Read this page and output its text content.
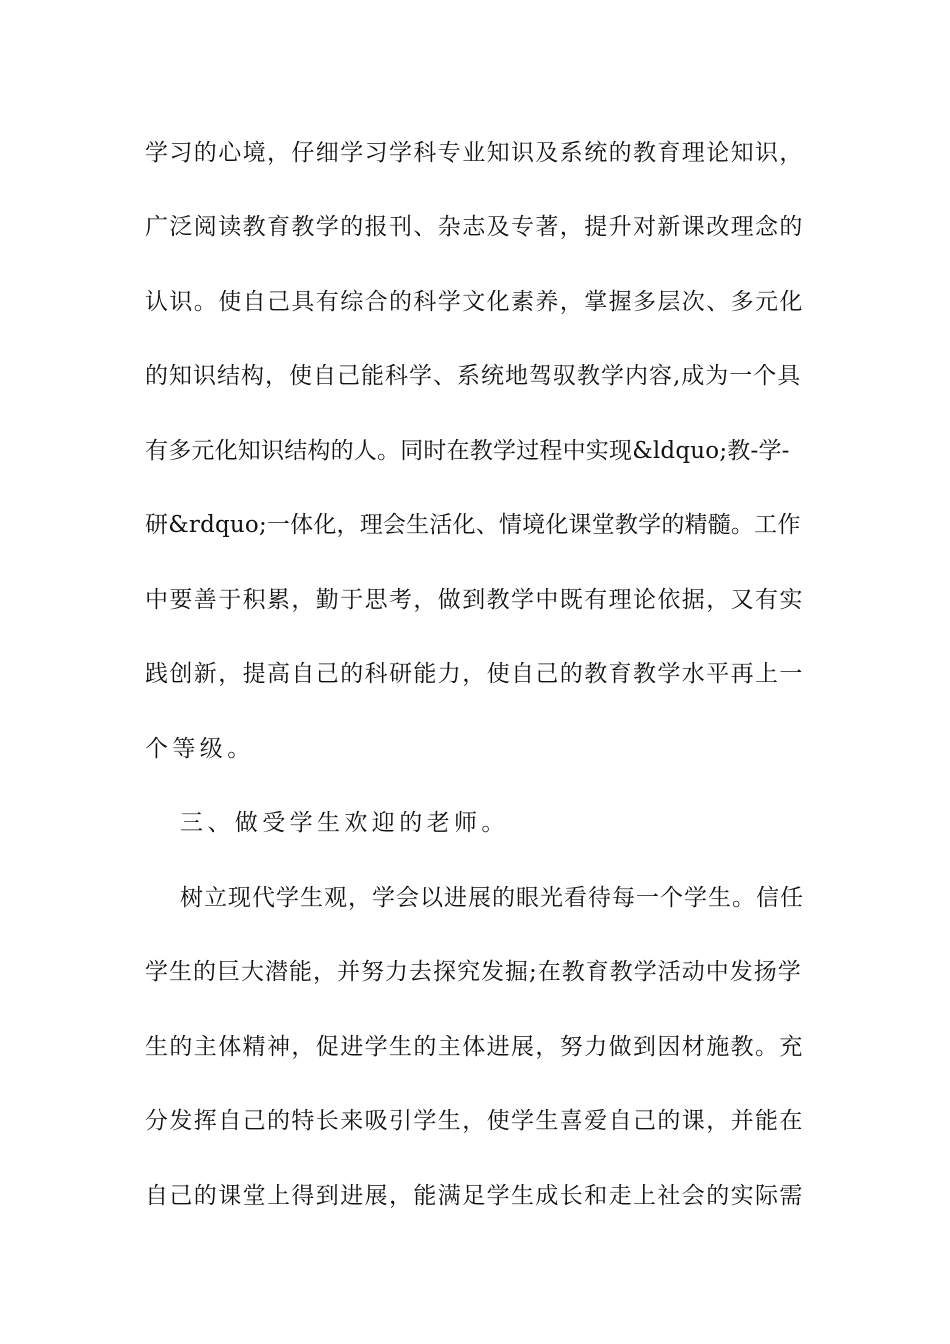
学习的心境，仔细学习学科专业知识及系统的教育理论知识，
广泛阅读教育教学的报刊、杂志及专著，提升对新课改理念的
认识。使自己具有综合的科学文化素养，掌握多层次、多元化
的知识结构，使自己能科学、系统地驾驭教学内容,成为一个具
有多元化知识结构的人。同时在教学过程中实现&ldquo;教-学-
研&rdquo;一体化，理会生活化、情境化课堂教学的精髓。工作
中要善于积累，勤于思考，做到教学中既有理论依据，又有实
践创新，提高自己的科研能力，使自己的教育教学水平再上一
个等级。
三、做受学生欢迎的老师。
树立现代学生观，学会以进展的眼光看待每一个学生。信任
学生的巨大潜能，并努力去探究发掘;在教育教学活动中发扬学
生的主体精神，促进学生的主体进展，努力做到因材施教。充
分发挥自己的特长来吸引学生，使学生喜爱自己的课，并能在
自己的课堂上得到进展，能满足学生成长和走上社会的实际需
